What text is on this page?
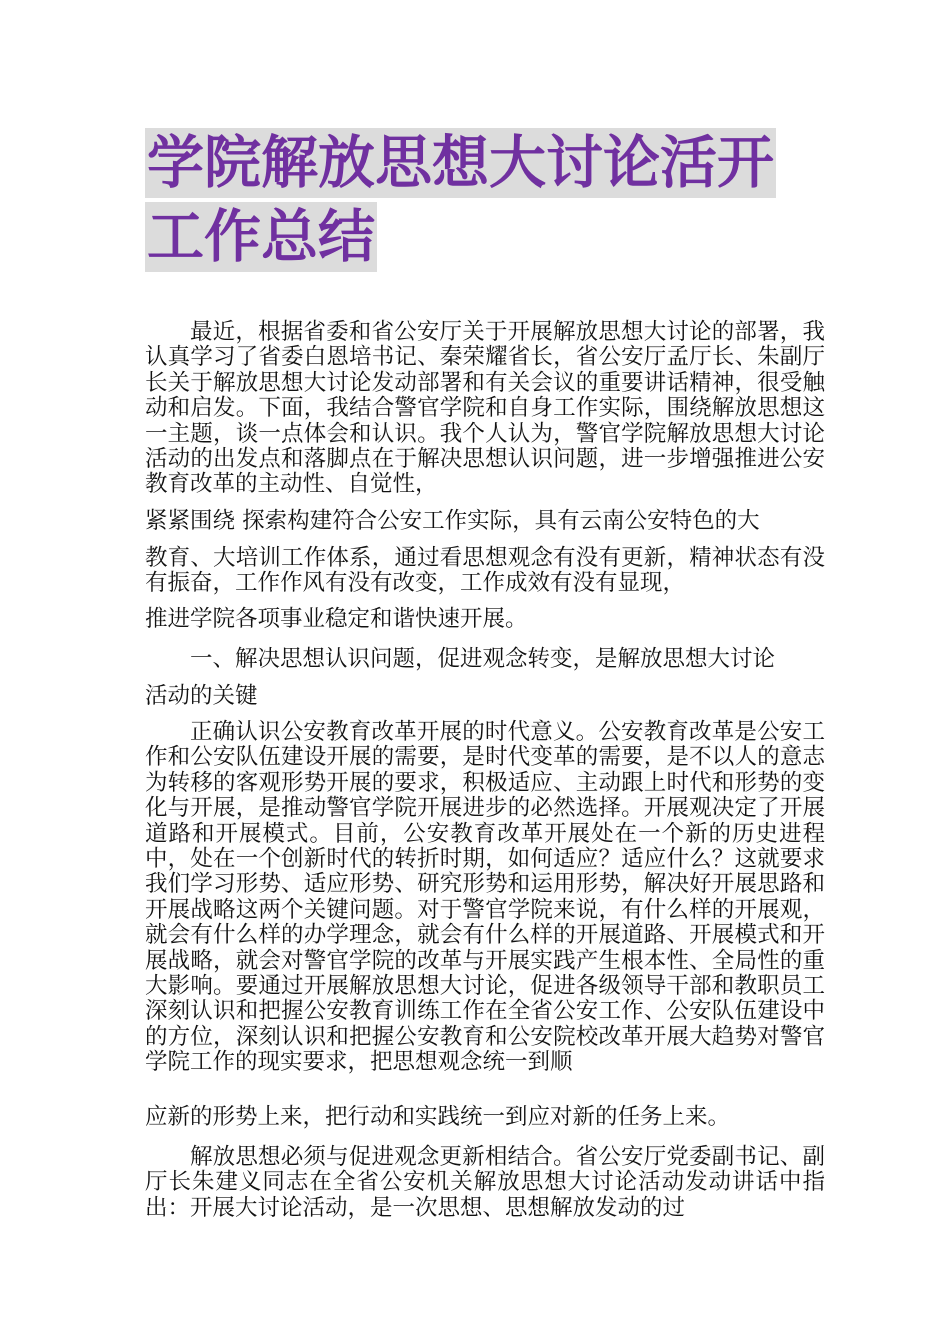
学院解放思想大讨论活开
工作总结

最近，根据省委和省公安厅关于开展解放思想大讨论的部署，我认真学习了省委白恩培书记、秦荣耀省长，省公安厅孟厅长、朱副厅长关于解放思想大讨论发动部署和有关会议的重要讲话精神，很受触动和启发。下面，我结合警官学院和自身工作实际，围绕解放思想这一主题，谈一点体会和认识。我个人认为，警官学院解放思想大讨论活动的出发点和落脚点在于解决思想认识问题，进一步增强推进公安教育改革的主动性、自觉性，

紧紧围绕 探索构建符合公安工作实际，具有云南公安特色的大

教育、大培训工作体系，通过看思想观念有没有更新，精神状态有没有振奋，工作作风有没有改变，工作成效有没有显现，

推进学院各项事业稳定和谐快速开展。

一、解决思想认识问题，促进观念转变，是解放思想大讨论

活动的关键

正确认识公安教育改革开展的时代意义。公安教育改革是公安工作和公安队伍建设开展的需要，是时代变革的需要，是不以人的意志为转移的客观形势开展的要求，积极适应、主动跟上时代和形势的变化与开展，是推动警官学院开展进步的必然选择。开展观决定了开展道路和开展模式。目前，公安教育改革开展处在一个新的历史进程中，处在一个创新时代的转折时期，如何适应？适应什么？这就要求我们学习形势、适应形势、研究形势和运用形势，解决好开展思路和开展战略这两个关键问题。对于警官学院来说，有什么样的开展观，就会有什么样的办学理念，就会有什么样的开展道路、开展模式和开展战略，就会对警官学院的改革与开展实践产生根本性、全局性的重大影响。要通过开展解放思想大讨论，促进各级领导干部和教职员工深刻认识和把握公安教育训练工作在全省公安工作、公安队伍建设中的方位，深刻认识和把握公安教育和公安院校改革开展大趋势对警官学院工作的现实要求，把思想观念统一到顺

应新的形势上来，把行动和实践统一到应对新的任务上来。

解放思想必须与促进观念更新相结合。省公安厅党委副书记、副厅长朱建义同志在全省公安机关解放思想大讨论活动发动讲话中指出：开展大讨论活动，是一次思想、思想解放发动的过
